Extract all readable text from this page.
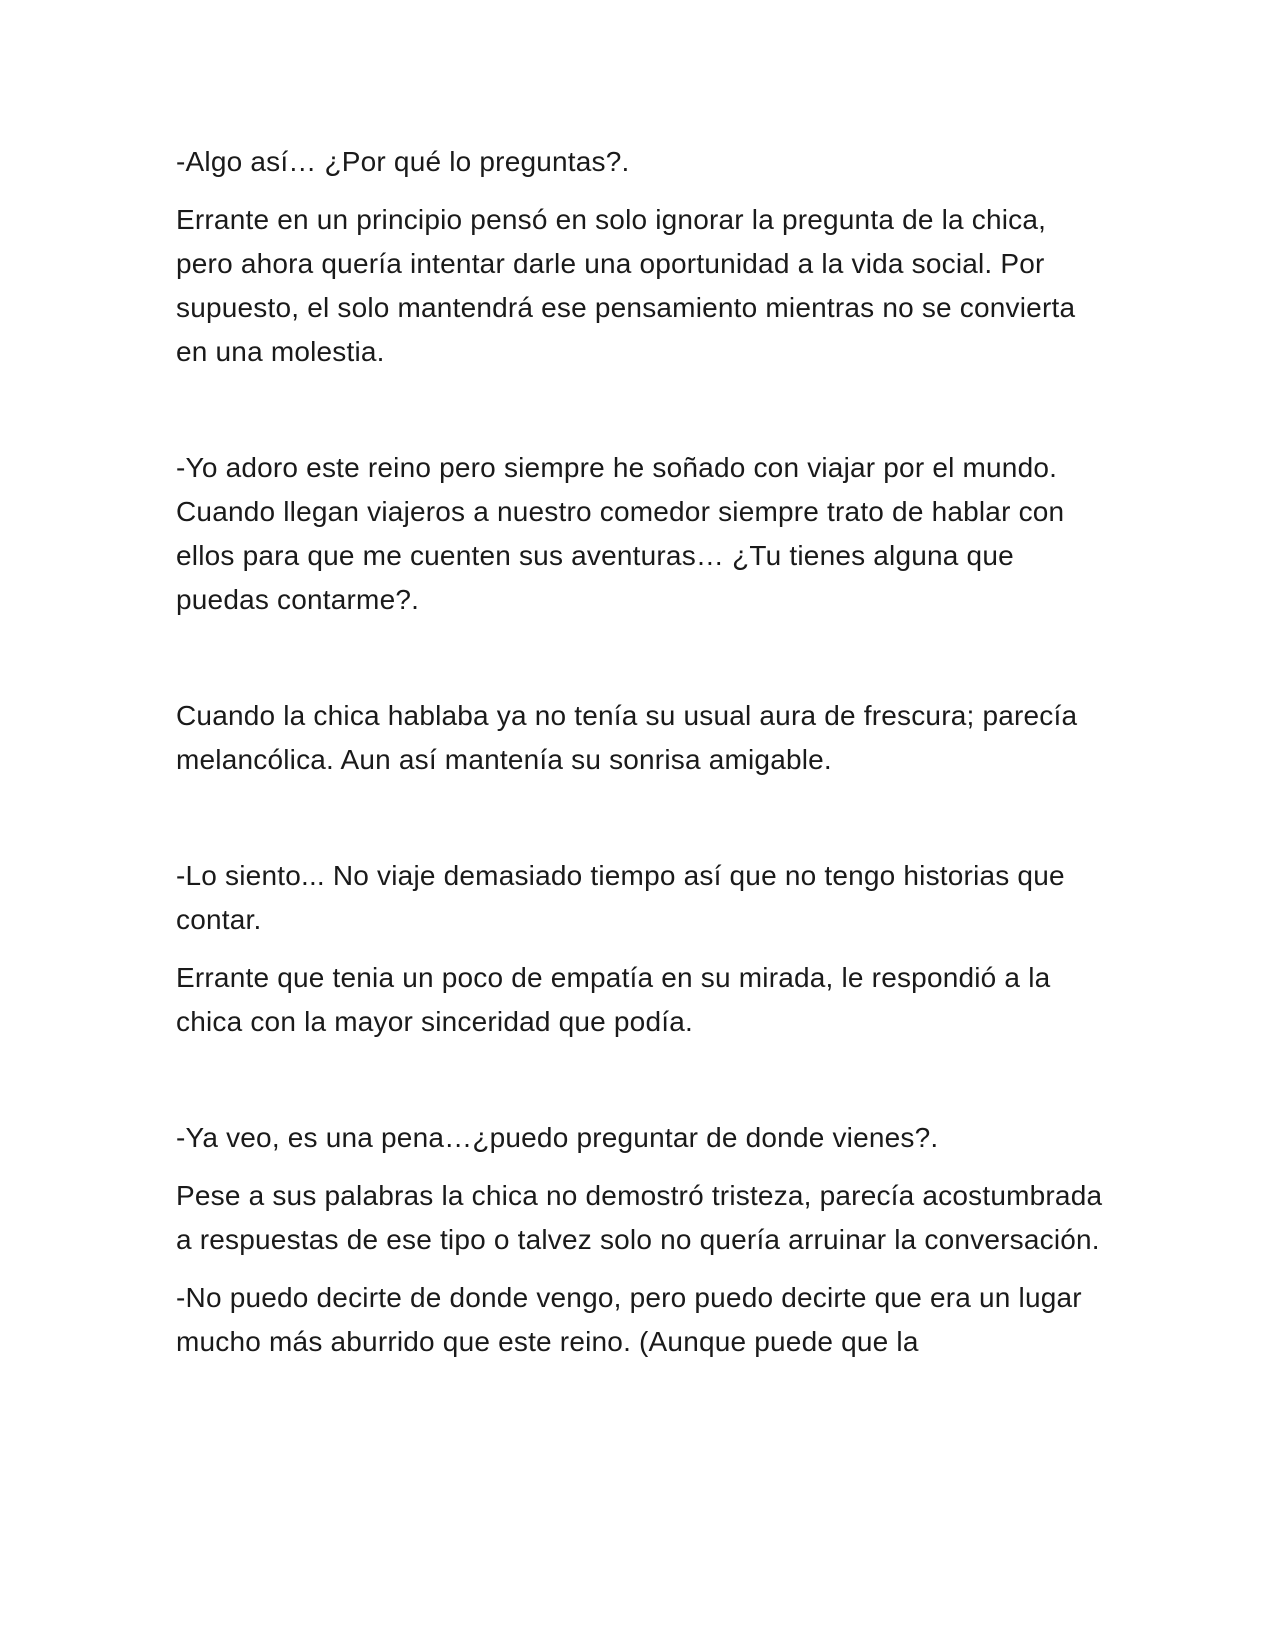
-Algo así… ¿Por qué lo preguntas?.

Errante en un principio pensó en solo ignorar la pregunta de la chica, pero ahora quería intentar darle una oportunidad a la vida social. Por supuesto, el solo mantendrá ese pensamiento mientras no se convierta en una molestia.

-Yo adoro este reino pero siempre he soñado con viajar por el mundo. Cuando llegan viajeros a nuestro comedor siempre trato de hablar con ellos para que me cuenten sus aventuras… ¿Tu tienes alguna que puedas contarme?.

Cuando la chica hablaba ya no tenía su usual aura de frescura; parecía melancólica. Aun así mantenía su sonrisa amigable.

-Lo siento... No viaje demasiado tiempo así que no tengo historias que contar.

Errante que tenia un poco de empatía en su mirada, le respondió a la chica con la mayor sinceridad que podía.

-Ya veo, es una pena…¿puedo preguntar de donde vienes?.

Pese a sus palabras la chica no demostró tristeza, parecía acostumbrada a respuestas de ese tipo o talvez solo no quería arruinar la conversación.

-No puedo decirte de donde vengo, pero puedo decirte que era un lugar mucho más aburrido que este reino. (Aunque puede que la
